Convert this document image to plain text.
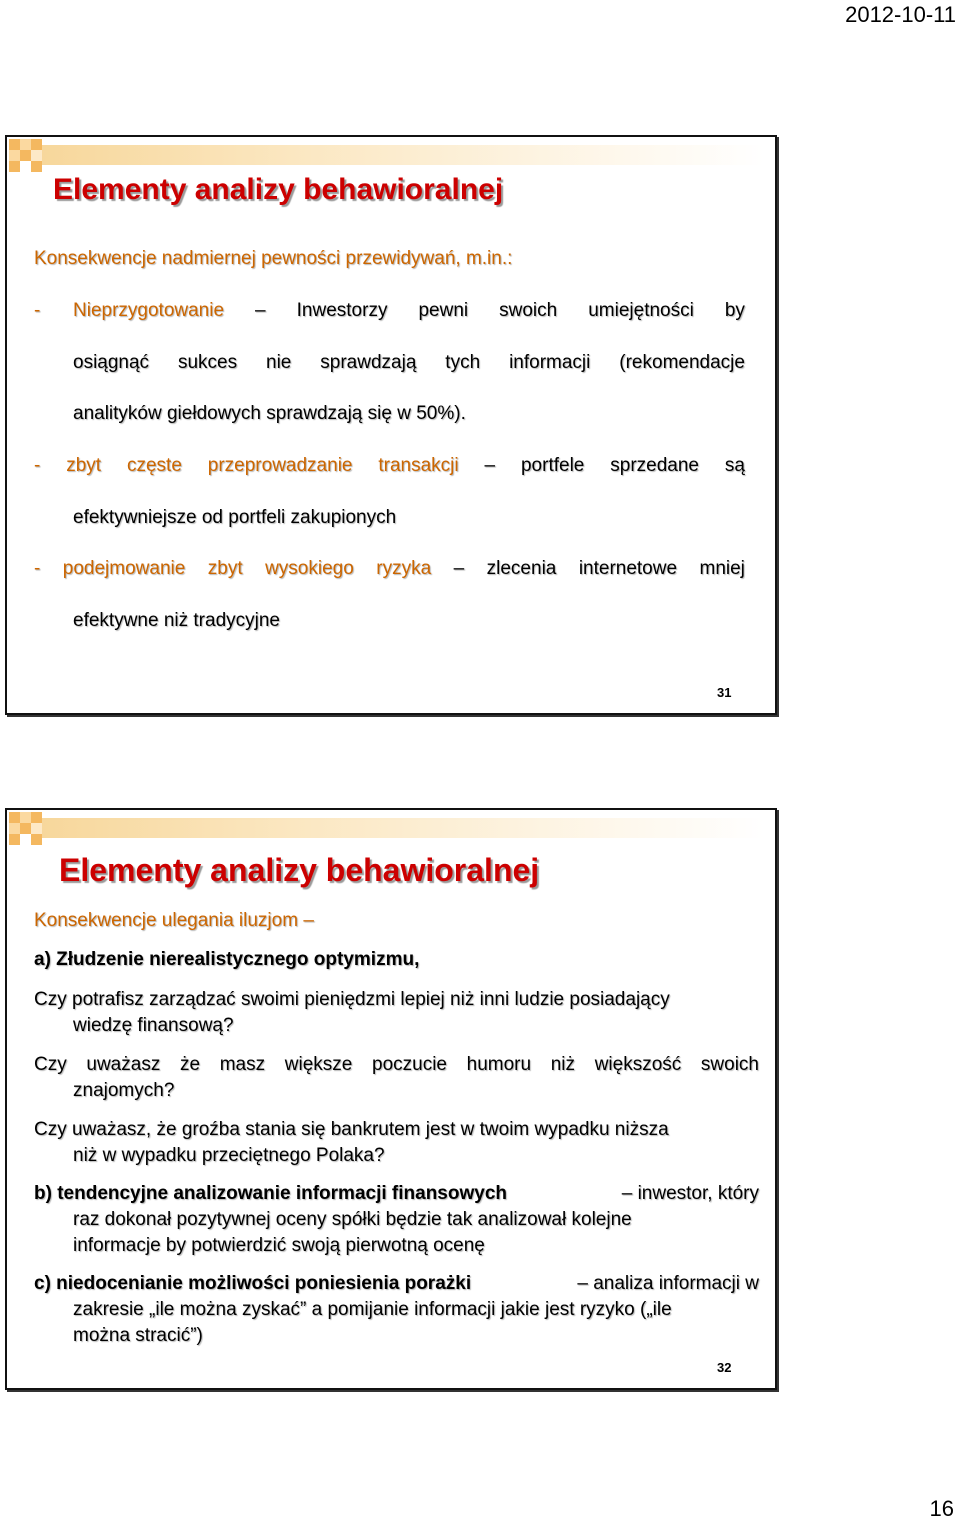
2012-10-11
Elementy analizy behawioralnej
Konsekwencje nadmiernej pewności przewidywań, m.in.:
- Nieprzygotowanie – Inwestorzy pewni swoich umiejętności by
osiągnąć sukces nie sprawdzają tych informacji (rekomendacje
analityków giełdowych sprawdzają się w 50%).
- zbyt częste przeprowadzanie transakcji – portfele sprzedane są
efektywniejsze od portfeli zakupionych
- podejmowanie zbyt wysokiego ryzyka – zlecenia internetowe mniej
efektywne niż tradycyjne
31
Elementy analizy behawioralnej
Konsekwencje ulegania iluzjom –
a) Złudzenie nierealistycznego optymizmu,
Czy potrafisz zarządzać swoimi pieniędzmi lepiej niż inni ludzie posiadający
wiedzę finansową?
Czy uważasz że masz większe poczucie humoru niż większość swoich
znajomych?
Czy uważasz, że groźba stania się bankrutem jest w twoim wypadku niższa
niż w wypadku przeciętnego Polaka?
b) tendencyjne analizowanie informacji finansowych	– inwestor, który
raz dokonał pozytywnej oceny spółki będzie tak analizował kolejne
informacje by potwierdzić swoją pierwotną ocenę
c) niedocenianie możliwości poniesienia porażki	– analiza informacji w
zakresie „ile można zyskać” a pomijanie informacji jakie jest ryzyko („ile
można stracić”)
32
16
